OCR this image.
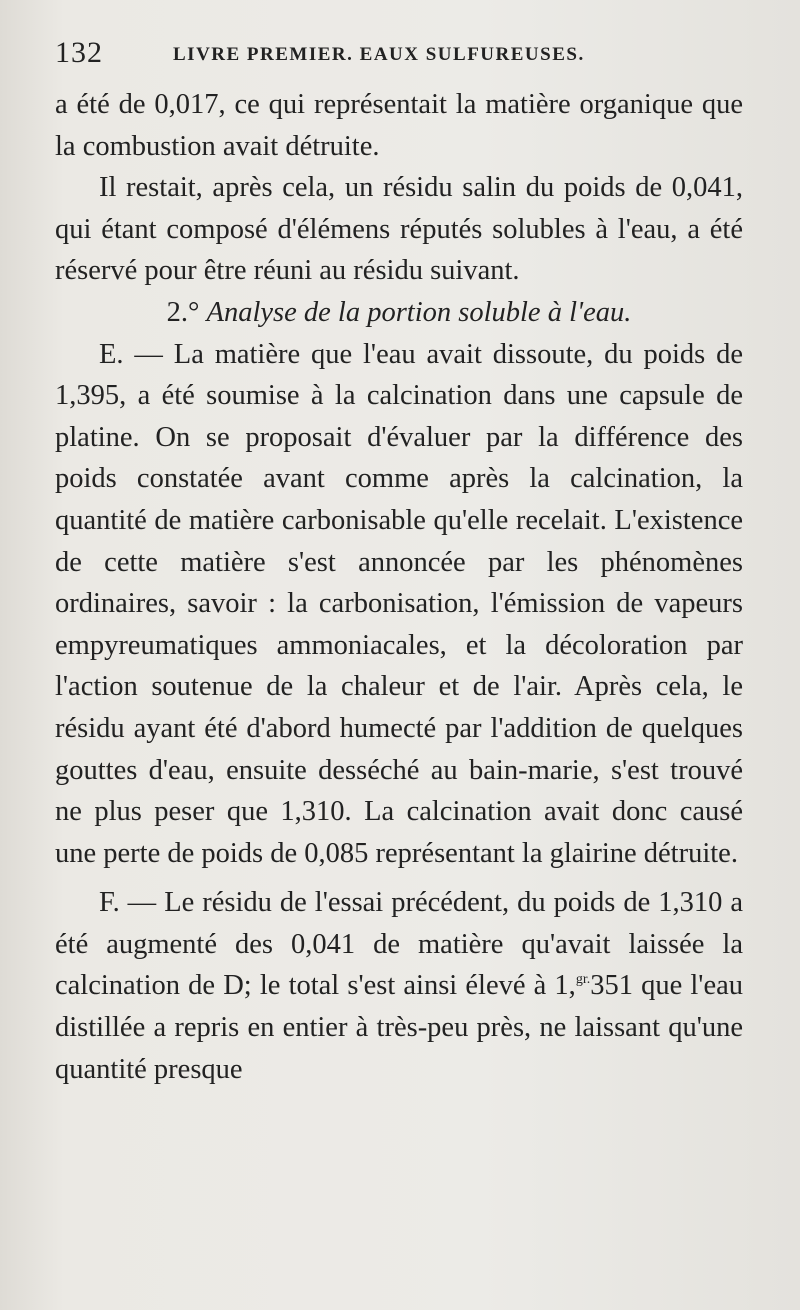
132	LIVRE PREMIER. EAUX SULFUREUSES.

a été de 0,017, ce qui représentait la matière organique que la combustion avait détruite.

Il restait, après cela, un résidu salin du poids de 0,041, qui étant composé d'élémens réputés solubles à l'eau, a été réservé pour être réuni au résidu suivant.

2.° Analyse de la portion soluble à l'eau.

E. — La matière que l'eau avait dissoute, du poids de 1,395, a été soumise à la calcination dans une capsule de platine. On se proposait d'évaluer par la différence des poids constatée avant comme après la calcination, la quantité de matière carbonisable qu'elle recelait. L'existence de cette matière s'est annoncée par les phénomènes ordinaires, savoir : la carbonisation, l'émission de vapeurs empyreumatiques ammoniacales, et la décoloration par l'action soutenue de la chaleur et de l'air. Après cela, le résidu ayant été d'abord humecté par l'addition de quelques gouttes d'eau, ensuite desséché au bain-marie, s'est trouvé ne plus peser que 1,310. La calcination avait donc causé une perte de poids de 0,085 représentant la glairine détruite.

F. — Le résidu de l'essai précédent, du poids de 1,310 a été augmenté des 0,041 de matière qu'avait laissée la calcination de D; le total s'est ainsi élevé à 1,$^{gr.}$351 que l'eau distillée a repris en entier à très-peu près, ne laissant qu'une quantité presque
